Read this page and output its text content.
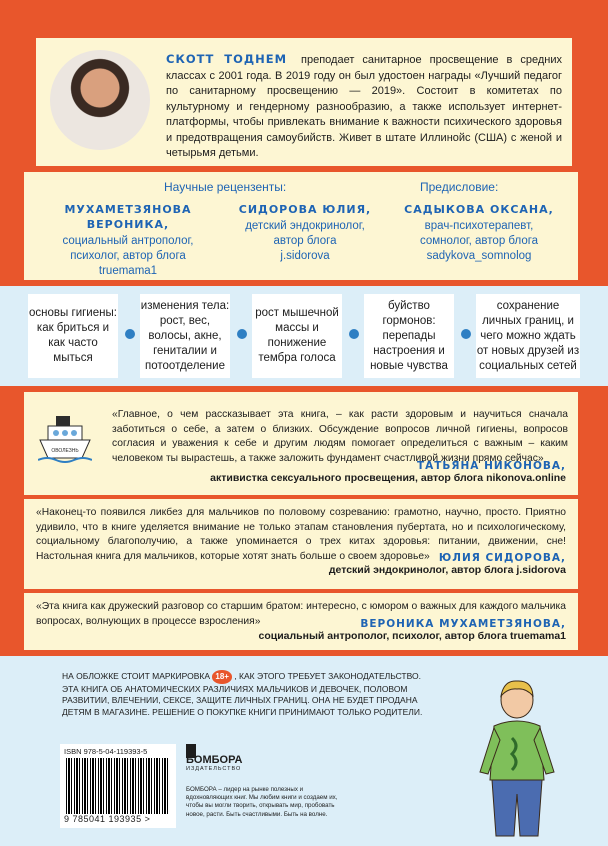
СКОТТ ТОДНЕМ преподает санитарное просвещение в средних классах с 2001 года. В 2019 году он был удостоен награды «Лучший педагог по санитарному просвещению — 2019». Состоит в комитетах по культурному и гендерному разнообразию, а также использует интернет-платформы, чтобы привлекать внимание к важности психического здоровья и предотвращения самоубийств. Живет в штате Иллинойс (США) с женой и четырьмя детьми.
Научные рецензенты:	Предисловие:
МУХАМЕТЗЯНОВА ВЕРОНИКА,
социальный антрополог,
психолог, автор блога
truemama1
СИДОРОВА ЮЛИЯ,
детский эндокринолог,
автор блога
j.sidorova
САДЫКОВА ОКСАНА,
врач-психотерапевт,
сомнолог, автор блога
sadykova_somnolog
основы гигиены: как бриться и как часто мыться
изменения тела: рост, вес, волосы, акне, гениталии и потоотделение
рост мышечной массы и понижение тембра голоса
буйство гормонов: перепады настроения и новые чувства
сохранение личных границ, и чего можно ждать от новых друзей из социальных сетей
ОВОЛЕЗНЬ
«Главное, о чем рассказывает эта книга, – как расти здоровым и научиться сначала заботиться о себе, а затем о близких. Обсуждение вопросов личной гигиены, вопросов согласия и уважения к себе и другим людям помогает определиться с важным – каким человеком ты вырастешь, а также заложить фундамент счастливой жизни прямо сейчас»
ТАТЬЯНА НИКОНОВА,
активистка сексуального просвещения, автор блога nikonova.online
«Наконец-то появился ликбез для мальчиков по половому созреванию: грамотно, научно, просто. Приятно удивило, что в книге уделяется внимание не только этапам становления пубертата, но и психологическому, социальному благополучию, а также упоминается о трех китах здоровья: питании, движении, сне! Настольная книга для мальчиков, которые хотят знать больше о своем здоровье» ЮЛИЯ СИДОРОВА,
детский эндокринолог, автор блога j.sidorova
«Эта книга как дружеский разговор со старшим братом: интересно, с юмором о важных для каждого мальчика вопросах, волнующих в процессе взросления»	ВЕРОНИКА МУХАМЕТЗЯНОВА,
социальный антрополог, психолог, автор блога truemama1
НА ОБЛОЖКЕ СТОИТ МАРКИРОВКА 18+ , КАК ЭТОГО ТРЕБУЕТ ЗАКОНОДАТЕЛЬСТВО. ЭТА КНИГА ОБ АНАТОМИЧЕСКИХ РАЗЛИЧИЯХ МАЛЬЧИКОВ И ДЕВОЧЕК, ПОЛОВОМ РАЗВИТИИ, ВЛЕЧЕНИИ, СЕКСЕ, ЗАЩИТЕ ЛИЧНЫХ ГРАНИЦ. ОНА НЕ БУДЕТ ПРОДАНА ДЕТЯМ В МАГАЗИНЕ. РЕШЕНИЕ О ПОКУПКЕ КНИГИ ПРИНИМАЮТ ТОЛЬКО РОДИТЕЛИ.
ISBN 978-5-04-119393-5
9 785041 193935 >
БОМБОРА
ИЗДАТЕЛЬСТВО
БОМБОРА – лидер на рынке полезных и вдохновляющих книг. Мы любим книги и создаем их, чтобы вы могли творить, открывать мир, пробовать новое, расти. Быть счастливыми. Быть на волне.
